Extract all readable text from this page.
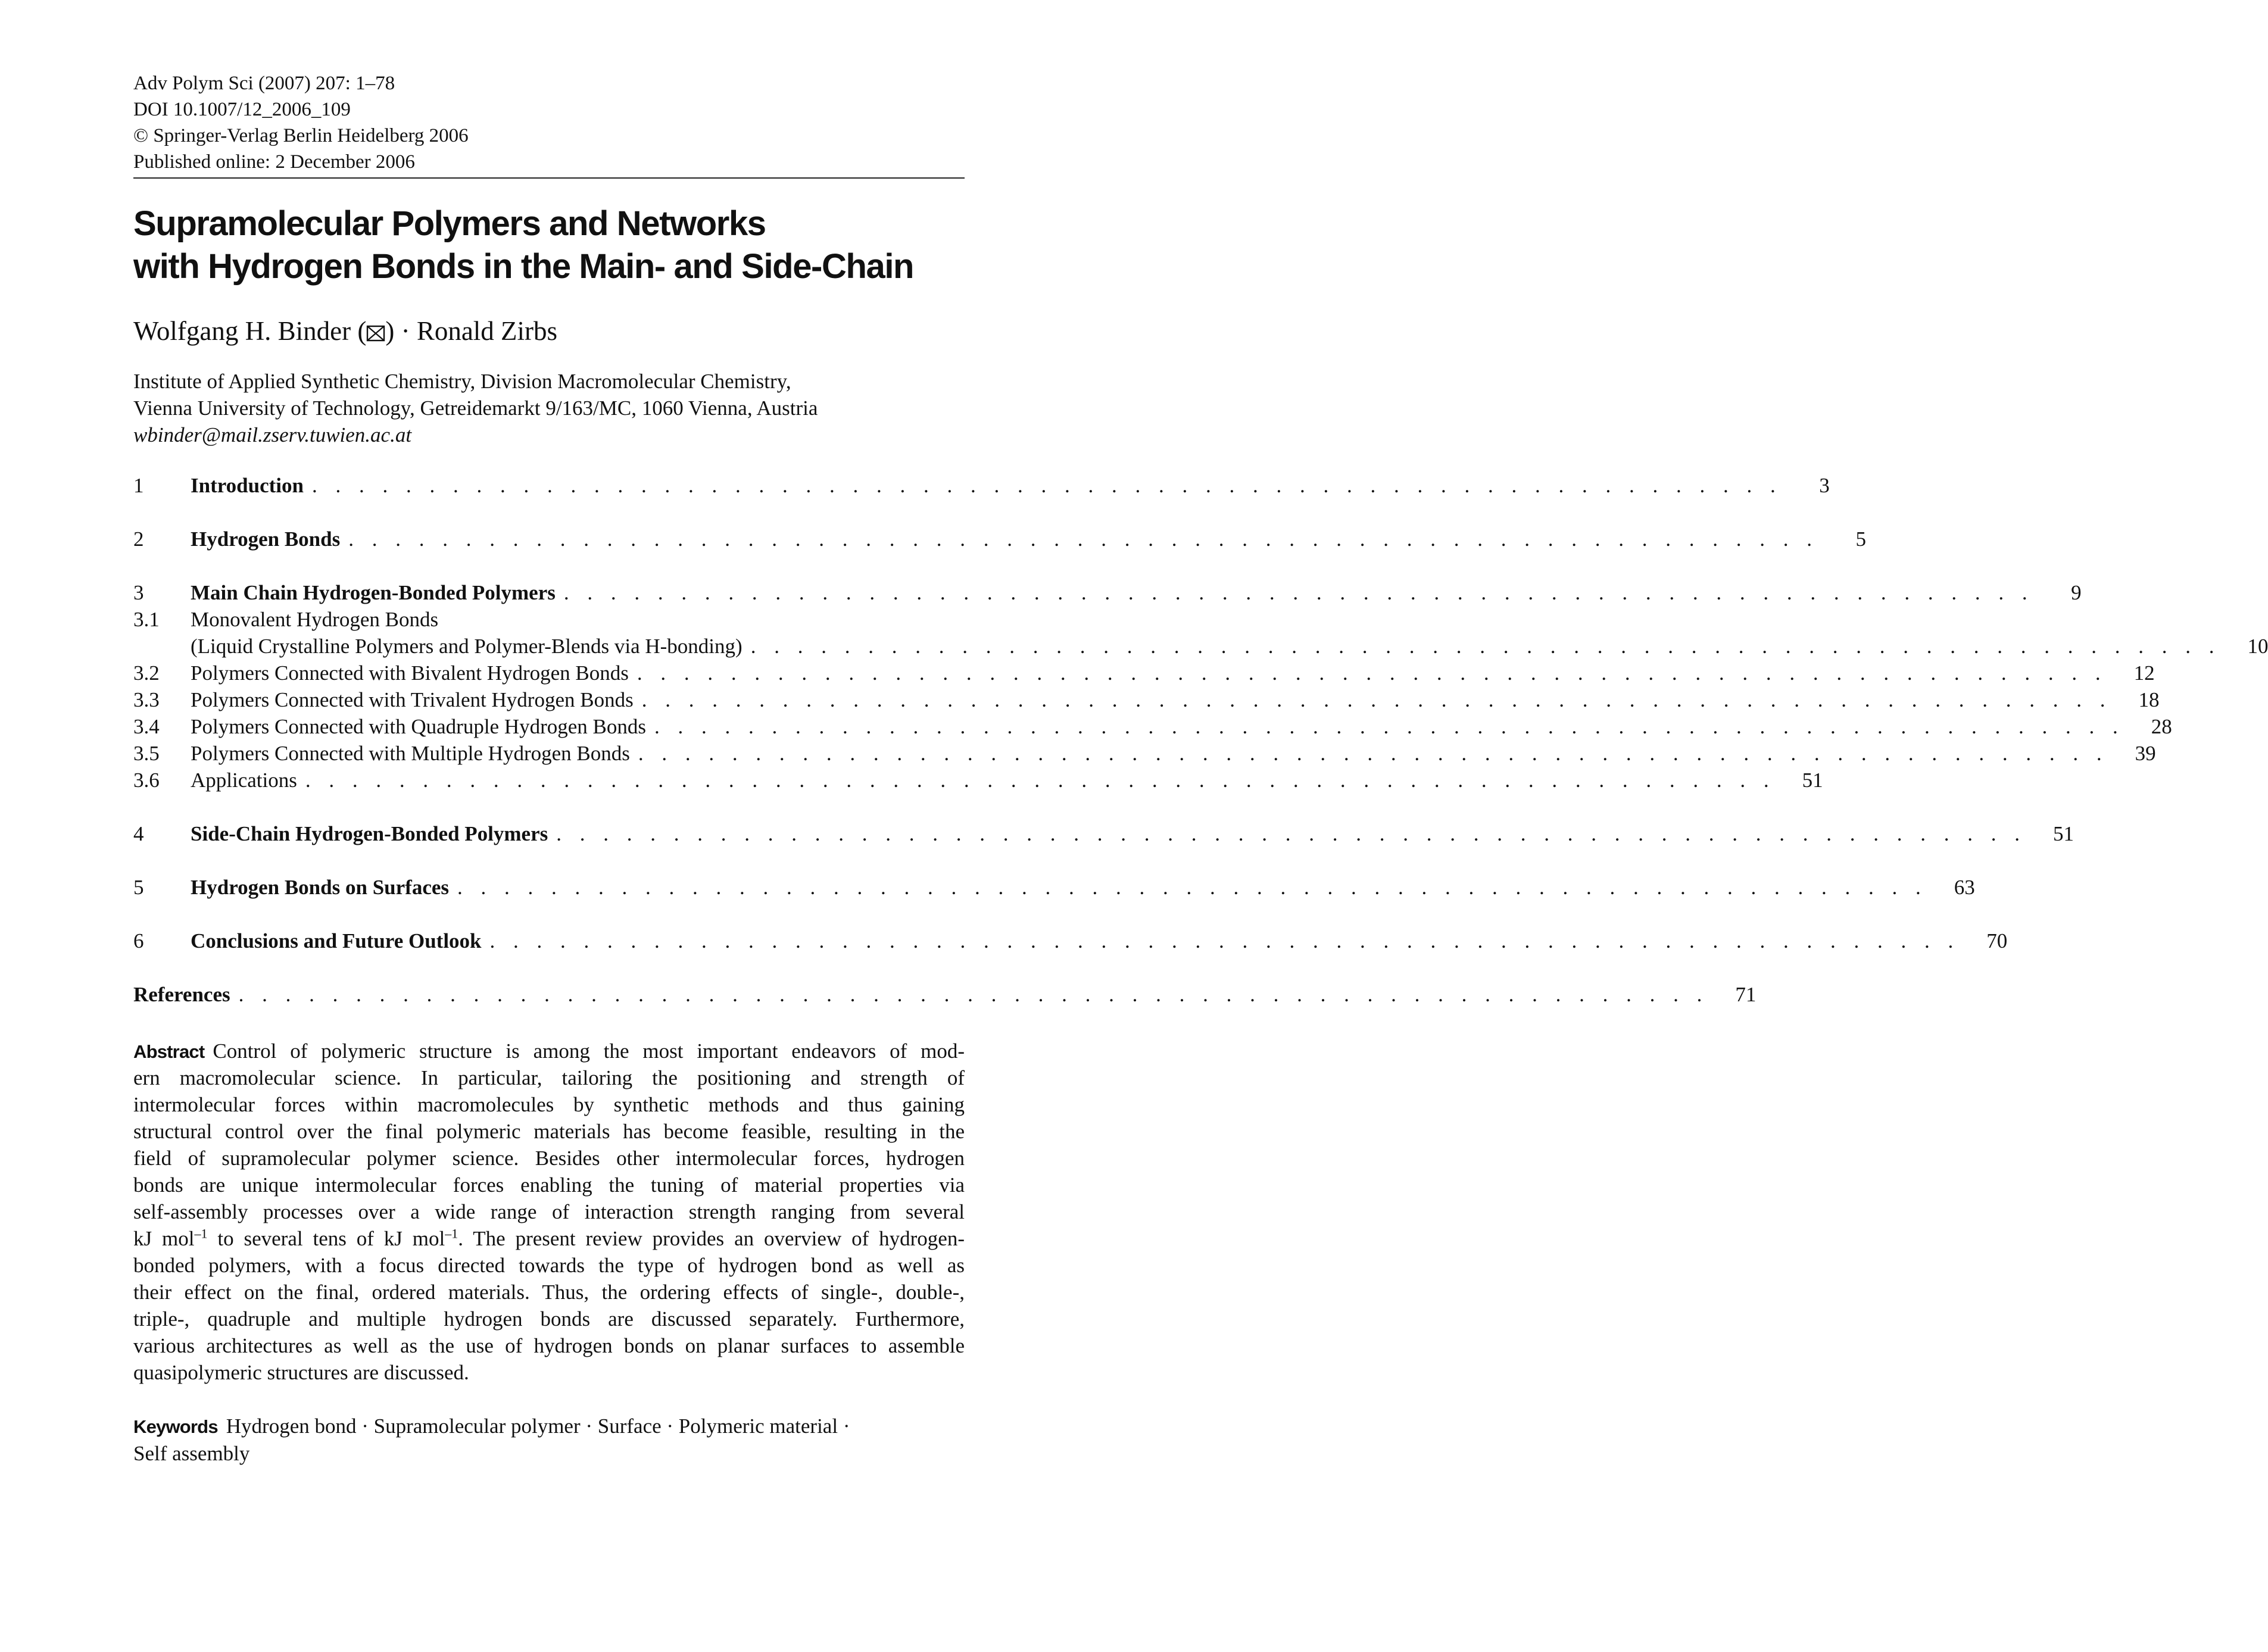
Adv Polym Sci (2007) 207: 1–78
DOI 10.1007/12_2006_109
© Springer-Verlag Berlin Heidelberg 2006
Published online: 2 December 2006
Supramolecular Polymers and Networks
with Hydrogen Bonds in the Main- and Side-Chain
Wolfgang H. Binder ( ) · Ronald Zirbs
Institute of Applied Synthetic Chemistry, Division Macromolecular Chemistry,
Vienna University of Technology, Getreidemarkt 9/163/MC, 1060 Vienna, Austria
wbinder@mail.zserv.tuwien.ac.at
1	Introduction . . . . . . . . . . . . . . . . . . . . . . . . . . . . . . . . . . . . . . . . . . . . . . . . . . . . . . . . . . . . . . .	3
2	Hydrogen Bonds . . . . . . . . . . . . . . . . . . . . . . . . . . . . . . . . . . . . . . . . . . . . . . . . . . . . . . . . . . . . . . .	5
3	Main Chain Hydrogen-Bonded Polymers . . . . . . . . . . . . . . . . . . . . . . . . . . . . . . . . . . . . . . . . . . . . . . . . . . . . . . . . . . . . . . .	9
3.1	Monovalent Hydrogen Bonds
(Liquid Crystalline Polymers and Polymer-Blends via H-bonding) . . . . . . . . . . . . . . . . . . . . . . . . . . . . . . . . . . . . . . . . . . . . . . . . . . . . . . . . . . . . . . .	10
3.2	Polymers Connected with Bivalent Hydrogen Bonds . . . . . . . . . . . . . . . . . . . . . . . . . . . . . . . . . . . . . . . . . . . . . . . . . . . . . . . . . . . . . . .	12
3.3	Polymers Connected with Trivalent Hydrogen Bonds . . . . . . . . . . . . . . . . . . . . . . . . . . . . . . . . . . . . . . . . . . . . . . . . . . . . . . . . . . . . . . .	18
3.4	Polymers Connected with Quadruple Hydrogen Bonds . . . . . . . . . . . . . . . . . . . . . . . . . . . . . . . . . . . . . . . . . . . . . . . . . . . . . . . . . . . . . . .	28
3.5	Polymers Connected with Multiple Hydrogen Bonds . . . . . . . . . . . . . . . . . . . . . . . . . . . . . . . . . . . . . . . . . . . . . . . . . . . . . . . . . . . . . . .	39
3.6	Applications . . . . . . . . . . . . . . . . . . . . . . . . . . . . . . . . . . . . . . . . . . . . . . . . . . . . . . . . . . . . . . .	51
4	Side-Chain Hydrogen-Bonded Polymers . . . . . . . . . . . . . . . . . . . . . . . . . . . . . . . . . . . . . . . . . . . . . . . . . . . . . . . . . . . . . . .	51
5	Hydrogen Bonds on Surfaces . . . . . . . . . . . . . . . . . . . . . . . . . . . . . . . . . . . . . . . . . . . . . . . . . . . . . . . . . . . . . . .	63
6	Conclusions and Future Outlook . . . . . . . . . . . . . . . . . . . . . . . . . . . . . . . . . . . . . . . . . . . . . . . . . . . . . . . . . . . . . . .	70
References . . . . . . . . . . . . . . . . . . . . . . . . . . . . . . . . . . . . . . . . . . . . . . . . . . . . . . . . . . . . . . .	71
Abstract Control of polymeric structure is among the most important endeavors of mod-
ern macromolecular science. In particular, tailoring the positioning and strength of
intermolecular forces within macromolecules by synthetic methods and thus gaining
structural control over the final polymeric materials has become feasible, resulting in the
field of supramolecular polymer science. Besides other intermolecular forces, hydrogen
bonds are unique intermolecular forces enabling the tuning of material properties via
self-assembly processes over a wide range of interaction strength ranging from several
kJ mol$^{-1}$ to several tens of kJ mol$^{-1}$. The present review provides an overview of hydrogen-
bonded polymers, with a focus directed towards the type of hydrogen bond as well as
their effect on the final, ordered materials. Thus, the ordering effects of single-, double-,
triple-, quadruple and multiple hydrogen bonds are discussed separately. Furthermore,
various architectures as well as the use of hydrogen bonds on planar surfaces to assemble
quasipolymeric structures are discussed.
Keywords Hydrogen bond · Supramolecular polymer · Surface · Polymeric material ·
Self assembly
